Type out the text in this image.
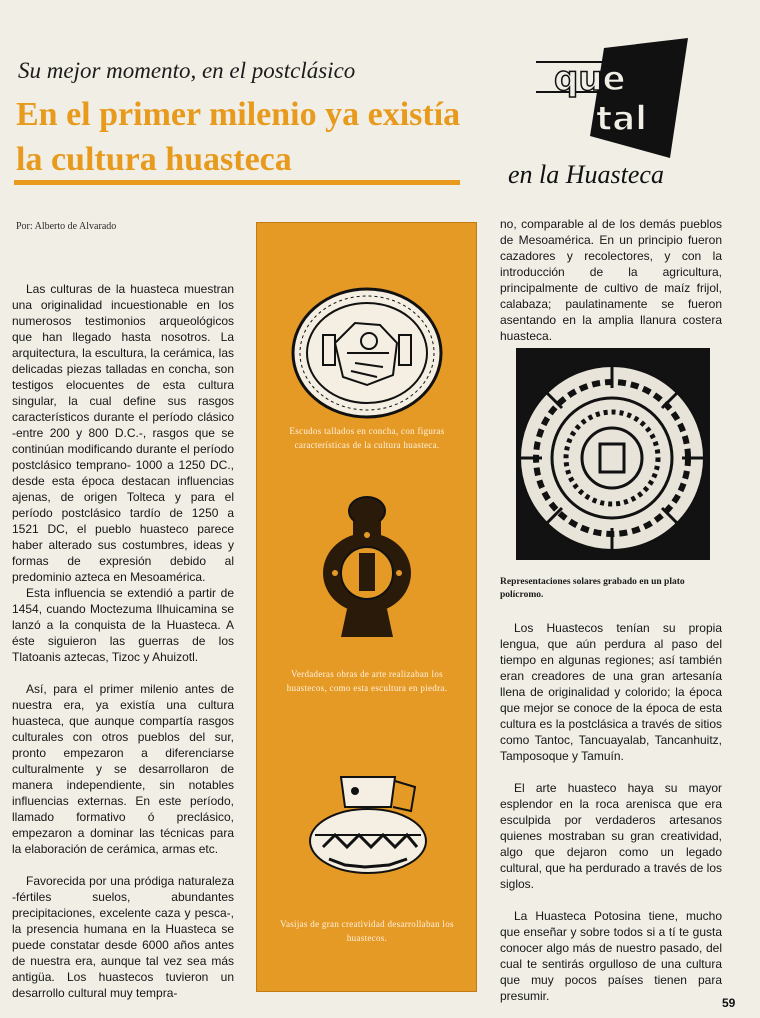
Su mejor momento, en el postclásico
En el primer milenio ya existía la cultura huasteca
Por: Alberto de Alvarado
que
tal
en la Huasteca

Las culturas de la huasteca muestran una originalidad incuestionable en los numerosos testimonios arqueológicos que han llegado hasta nosotros. La arquitectura, la escultura, la cerámica, las delicadas piezas talladas en concha, son testigos elocuentes de esta cultura singular, la cual define sus rasgos característicos durante el período clásico -entre 200 y 800 D.C.-, rasgos que se continúan modificando durante el período postclásico temprano- 1000 a 1250 DC., desde esta época destacan influencias ajenas, de origen Tolteca y para el período postclásico tardío de 1250 a 1521 DC, el pueblo huasteco parece haber alterado sus costumbres, ideas y formas de expresión debido al predominio azteca en Mesoamérica.

Esta influencia se extendió a partir de 1454, cuando Moctezuma Ilhuicamina se lanzó a la conquista de la Huasteca. A éste siguieron las guerras de los Tlatoanis aztecas, Tizoc y Ahuizotl.

Así, para el primer milenio antes de nuestra era, ya existía una cultura huasteca, que aunque compartía rasgos culturales con otros pueblos del sur, pronto empezaron a diferenciarse culturalmente y se desarrollaron de manera independiente, sin notables influencias externas. En este período, llamado formativo ó preclásico, empezaron a dominar las técnicas para la elaboración de cerámica, armas etc.

Favorecida por una pródiga naturaleza -fértiles suelos, abundantes precipitaciones, excelente caza y pesca-, la presencia humana en la Huasteca se puede constatar desde 6000 años antes de nuestra era, aunque tal vez sea más antigüa. Los huastecos tuvieron un desarrollo cultural muy tempra-

Escudos tallados en concha, con figuras características de la cultura huasteca.
Verdaderas obras de arte realizaban los huastecos, como esta escultura en piedra.
Vasijas de gran creatividad desarrollaban los huastecos.

no, comparable al de los demás pueblos de Mesoamérica. En un principio fueron cazadores y recolectores, y con la introducción de la agricultura, principalmente de cultivo de maíz frijol, calabaza; paulatinamente se fueron asentando en la amplia llanura costera huasteca.

Representaciones solares grabado en un plato polícromo.

Los Huastecos tenían su propia lengua, que aún perdura al paso del tiempo en algunas regiones; así también eran creadores de una gran artesanía llena de originalidad y colorido; la época que mejor se conoce de la época de esta cultura es la postclásica a través de sitios como Tantoc, Tancuayalab, Tancanhuitz, Tamposoque y Tamuín.

El arte huasteco haya su mayor esplendor en la roca arenisca que era esculpida por verdaderos artesanos quienes mostraban su gran creatividad, algo que dejaron como un legado cultural, que ha perdurado a través de los siglos.

La Huasteca Potosina tiene, mucho que enseñar y sobre todos si a tí te gusta conocer algo más de nuestro pasado, del cual te sentirás orgulloso de una cultura que muy pocos países tienen para presumir.	59
